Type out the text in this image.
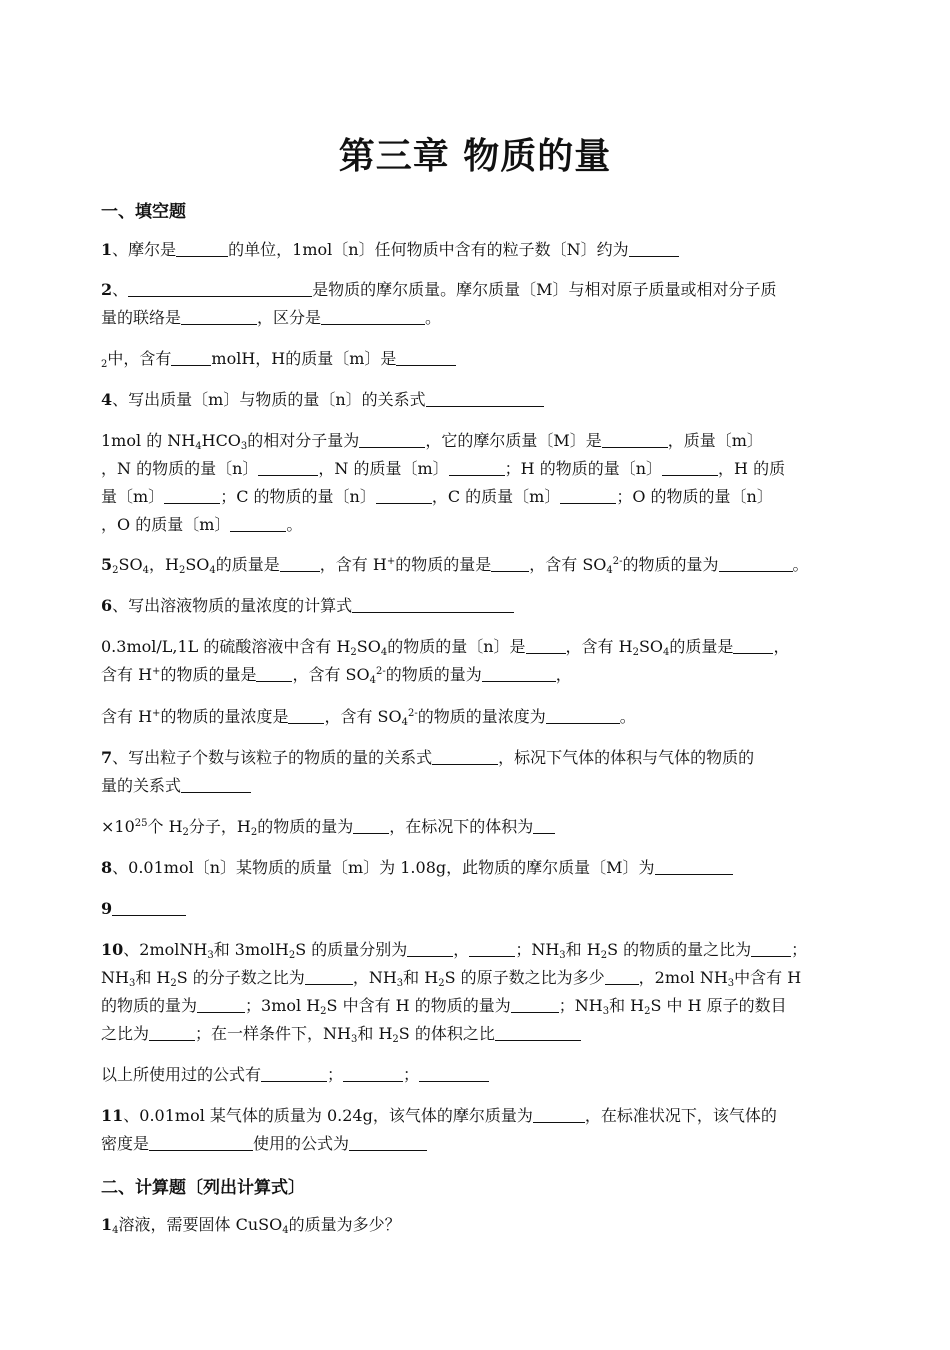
第三章 物质的量
一、填空题
1、摩尔是	的单位，1mol〔n〕任何物质中含有的粒子数〔N〕约为
2、	是物质的摩尔质量。摩尔质量〔M〕与相对原子质量或相对分子质
量的联络是	，区分是	。
$_2$中，含有	molH，H的质量〔m〕是
4、写出质量〔m〕与物质的量〔n〕的关系式
1mol 的 $NH_4HCO_3$的相对分子量为	，它的摩尔质量〔M〕是	，质量〔m〕
，N 的物质的量〔n〕	，N 的质量〔m〕	；H 的物质的量〔n〕	，H 的质
量〔m〕	；C 的物质的量〔n〕	，C 的质量〔m〕	；O 的物质的量〔n〕
，O 的质量〔m〕	。
$5_2SO_4$，$H_2SO_4$的质量是	，含有 H+的物质的量是 ，含有 $SO_4^{2-}$的物质的量为	。
6、写出溶液物质的量浓度的计算式
0.3mol/L,1L 的硫酸溶液中含有 $H_2SO_4$的物质的量〔n〕是	，含有 $H_2SO_4$的质量是	，
含有 H+的物质的量是 ，含有 $SO_4^{2-}$的物质的量为	，
含有 H+的物质的量浓度是 ，含有 $SO_4^{2-}$的物质的量浓度为	。
7、写出粒子个数与该粒子的物质的量的关系式	，标况下气体的体积与气体的物质的
量的关系式
$\times 10^{25}$个 $H_2$分子，$H_2$的物质的量为 ，在标况下的体积为
8、0.01mol〔n〕某物质的质量〔m〕为 1.08g，此物质的摩尔质量〔M〕为
9
10、2molNH$_3$和 3molH$_2$S 的质量分别为	，	；$NH_3$和 $H_2S$ 的物质的量之比为	；
$NH_3$和 $H_2S$ 的分子数之比为	，$NH_3$和 $H_2S$ 的原子数之比为多少 ，2mol $NH_3$中含有 H
的物质的量为	；3mol $H_2S$ 中含有 H 的物质的量为	；$NH_3$和 $H_2S$ 中 H 原子的数目
之比为	；在一样条件下，$NH_3$和 $H_2S$ 的体积之比
以上所使用过的公式有	；	；
11、0.01mol 某气体的质量为 0.24g，该气体的摩尔质量为	，在标准状况下，该气体的
密度是	使用的公式为
二、计算题〔列出计算式〕
$1_4$溶液，需要固体 CuSO$_4$的质量为多少？
